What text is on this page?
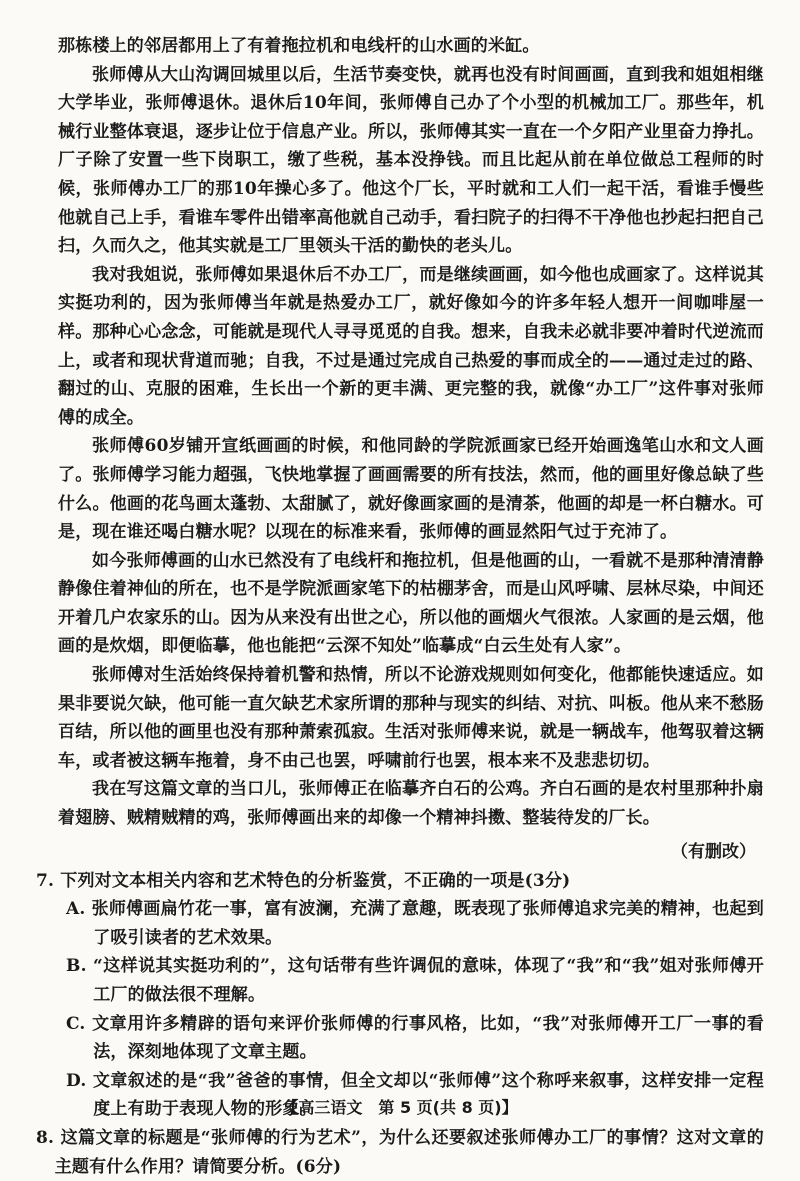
那栋楼上的邻居都用上了有着拖拉机和电线杆的山水画的米缸。

张师傅从大山沟调回城里以后，生活节奏变快，就再也没有时间画画，直到我和姐姐相继大学毕业，张师傅退休。退休后10年间，张师傅自己办了个小型的机械加工厂。那些年，机械行业整体衰退，逐步让位于信息产业。所以，张师傅其实一直在一个夕阳产业里奋力挣扎。厂子除了安置一些下岗职工，缴了些税，基本没挣钱。而且比起从前在单位做总工程师的时候，张师傅办工厂的那10年操心多了。他这个厂长，平时就和工人们一起干活，看谁手慢些他就自己上手，看谁车零件出错率高他就自己动手，看扫院子的扫得不干净他也抄起扫把自己扫，久而久之，他其实就是工厂里领头干活的勤快的老头儿。

我对我姐说，张师傅如果退休后不办工厂，而是继续画画，如今他也成画家了。这样说其实挺功利的，因为张师傅当年就是热爱办工厂，就好像如今的许多年轻人想开一间咖啡屋一样。那种心心念念，可能就是现代人寻寻觅觅的自我。想来，自我未必就非要冲着时代逆流而上，或者和现状背道而驰；自我，不过是通过完成自己热爱的事而成全的——通过走过的路、翻过的山、克服的困难，生长出一个新的更丰满、更完整的我，就像“办工厂”这件事对张师傅的成全。

张师傅60岁铺开宣纸画画的时候，和他同龄的学院派画家已经开始画逸笔山水和文人画了。张师傅学习能力超强，飞快地掌握了画画需要的所有技法，然而，他的画里好像总缺了些什么。他画的花鸟画太蓬勃、太甜腻了，就好像画家画的是清茶，他画的却是一杯白糖水。可是，现在谁还喝白糖水呢？以现在的标准来看，张师傅的画显然阳气过于充沛了。

如今张师傅画的山水已然没有了电线杆和拖拉机，但是他画的山，一看就不是那种清清静静像住着神仙的所在，也不是学院派画家笔下的枯棚茅舍，而是山风呼啸、层林尽染，中间还开着几户农家乐的山。因为从来没有出世之心，所以他的画烟火气很浓。人家画的是云烟，他画的是炊烟，即便临摹，他也能把“云深不知处”临摹成“白云生处有人家”。

张师傅对生活始终保持着机警和热情，所以不论游戏规则如何变化，他都能快速适应。如果非要说欠缺，他可能一直欠缺艺术家所谓的那种与现实的纠结、对抗、叫板。他从来不愁肠百结，所以他的画里也没有那种萧索孤寂。生活对张师傅来说，就是一辆战车，他驾驭着这辆车，或者被这辆车拖着，身不由己也罢，呼啸前行也罢，根本来不及悲悲切切。

我在写这篇文章的当口儿，张师傅正在临摹齐白石的公鸡。齐白石画的是农村里那种扑扇着翅膀、贼精贼精的鸡，张师傅画出来的却像一个精神抖擞、整装待发的厂长。

（有删改）

7. 下列对文本相关内容和艺术特色的分析鉴赏，不正确的一项是(3分)

A. 张师傅画扁竹花一事，富有波澜，充满了意趣，既表现了张师傅追求完美的精神，也起到了吸引读者的艺术效果。

B. “这样说其实挺功利的”，这句话带有些许调侃的意味，体现了“我”和“我”姐对张师傅开工厂的做法很不理解。

C. 文章用许多精辟的语句来评价张师傅的行事风格，比如，“我”对张师傅开工厂一事的看法，深刻地体现了文章主题。

D. 文章叙述的是“我”爸爸的事情，但全文却以“张师傅”这个称呼来叙事，这样安排一定程度上有助于表现人物的形象。

8. 这篇文章的标题是“张师傅的行为艺术”，为什么还要叙述张师傅办工厂的事情？这对文章的主题有什么作用？请简要分析。(6分)

【高三语文　第 5 页(共 8 页)】
